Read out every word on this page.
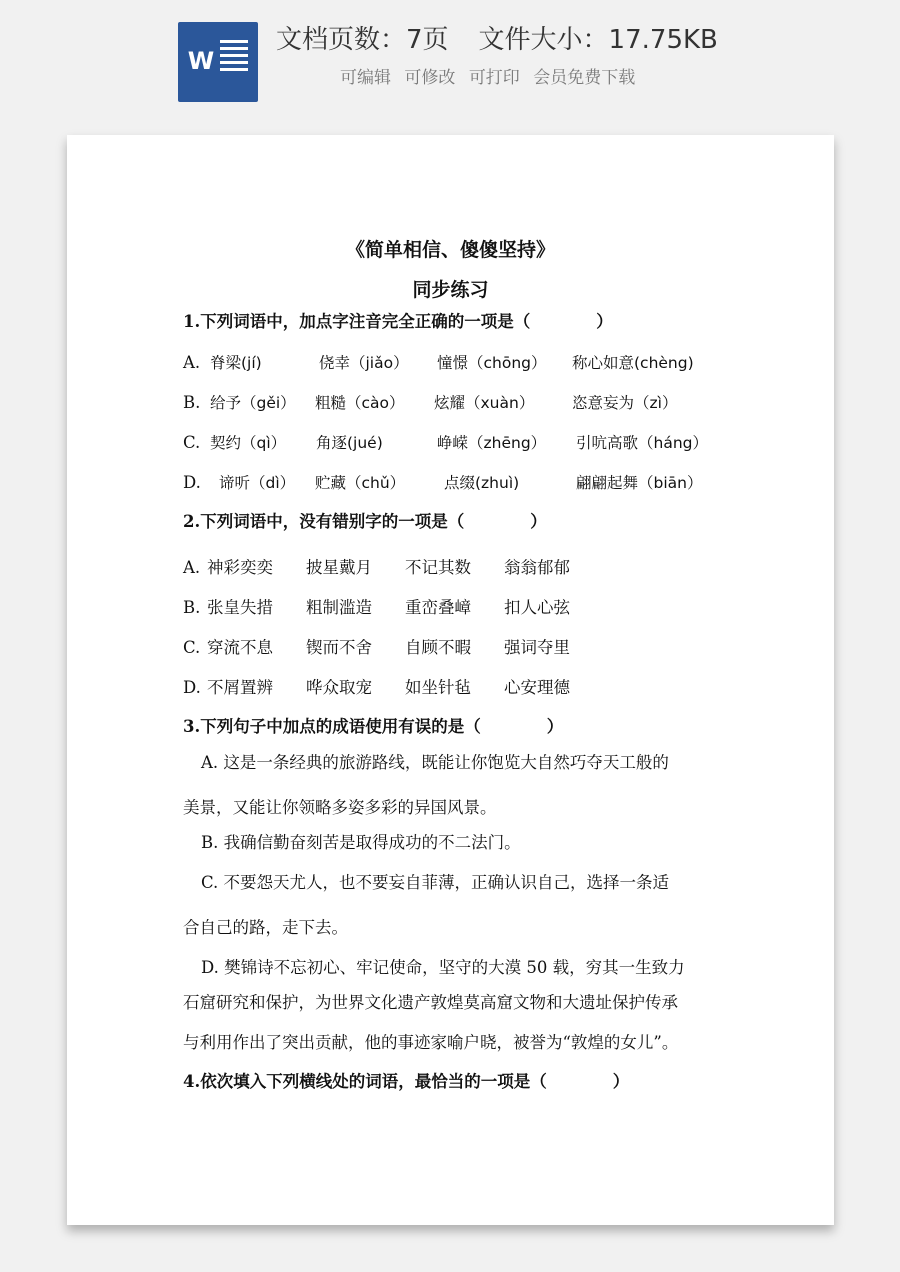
W
文档页数：7页 文件大小：17.75KB
可编辑 可修改 可打印 会员免费下载
《简单相信、傻傻坚持》
同步练习
1.下列词语中，加点字注音完全正确的一项是（　　　　）
A. 脊梁(jí)	侥幸（jiǎo） 憧憬（chōng） 称心如意(chèng)
B. 给予（gěi） 粗糙（cào） 炫耀（xuàn） 恣意妄为（zì）
C. 契约（qì） 角逐(jué)	峥嵘（zhēng） 引吭高歌（háng）
D. 谛听（dì） 贮藏（chǔ）	点缀(zhuì)	翩翩起舞（biān）
2.下列词语中，没有错别字的一项是（　　　　）
A. 神彩奕奕 披星戴月 不记其数 翁翁郁郁
B. 张皇失措 粗制滥造 重峦叠嶂 扣人心弦
C. 穿流不息 锲而不舍 自顾不暇 强词夺里
D. 不屑置辨 哗众取宠 如坐针毡 心安理德
3.下列句子中加点的成语使用有误的是（　　　　）
A. 这是一条经典的旅游路线，既能让你饱览大自然巧夺天工般的
美景，又能让你领略多姿多彩的异国风景。
B. 我确信勤奋刻苦是取得成功的不二法门。
C. 不要怨天尤人，也不要妄自菲薄，正确认识自己，选择一条适
合自己的路，走下去。
D. 樊锦诗不忘初心、牢记使命，坚守的大漠 50 载，穷其一生致力
石窟研究和保护，为世界文化遗产敦煌莫高窟文物和大遗址保护传承
与利用作出了突出贡献，他的事迹家喻户晓，被誉为“敦煌的女儿”。
4.依次填入下列横线处的词语，最恰当的一项是（　　　　）
